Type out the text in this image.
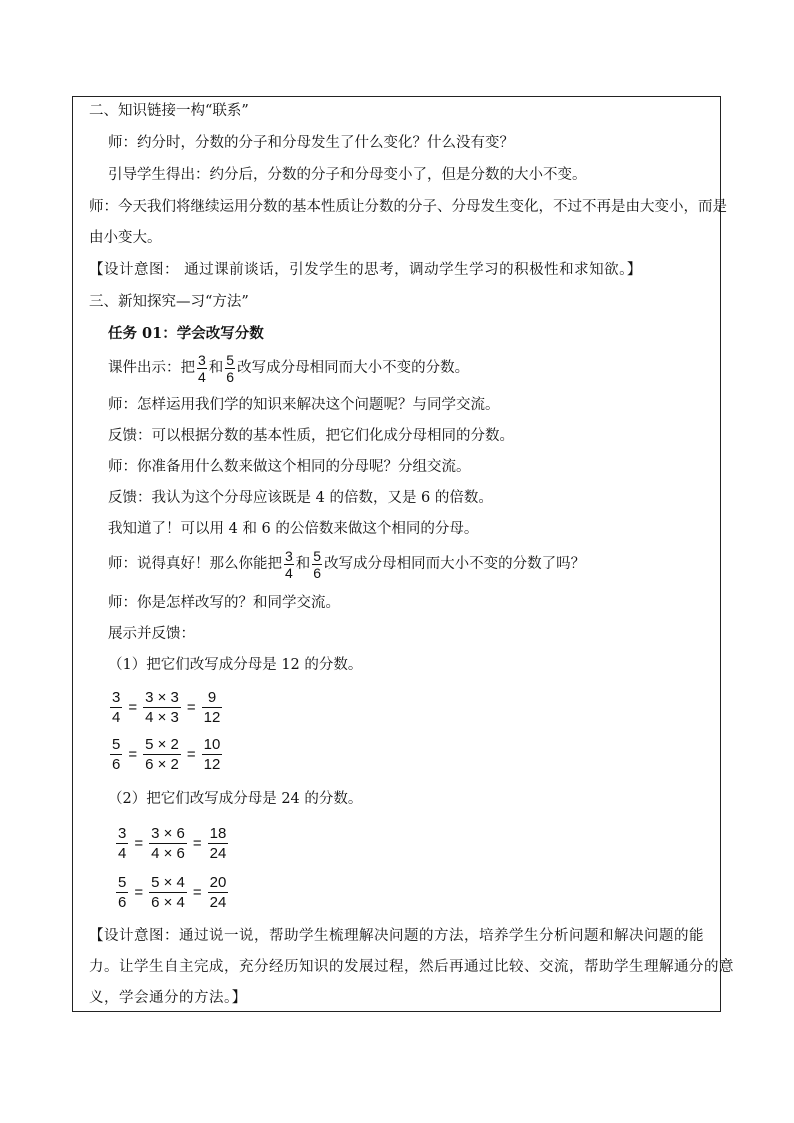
二、知识链接一构“联系”
师：约分时，分数的分子和分母发生了什么变化？什么没有变？
引导学生得出：约分后，分数的分子和分母变小了，但是分数的大小不变。
师：今天我们将继续运用分数的基本性质让分数的分子、分母发生变化，不过不再是由大变小，而是
由小变大。
【设计意图： 通过课前谈话，引发学生的思考，调动学生学习的积极性和求知欲。】
三、新知探究—习“方法”
任务 01：学会改写分数
课件出示：把 $\frac{3}{4}$ 和 $\frac{5}{6}$ 改写成分母相同而大小不变的分数。
师：怎样运用我们学的知识来解决这个问题呢？与同学交流。
反馈：可以根据分数的基本性质，把它们化成分母相同的分数。
师：你准备用什么数来做这个相同的分母呢？分组交流。
反馈：我认为这个分母应该既是 4 的倍数，又是 6 的倍数。
我知道了！可以用 4 和 6 的公倍数来做这个相同的分母。
师：说得真好！那么你能把 $\frac{3}{4}$ 和 $\frac{5}{6}$ 改写成分母相同而大小不变的分数了吗？
师：你是怎样改写的？和同学交流。
展示并反馈：
（1）把它们改写成分母是 12 的分数。
$\frac{3}{4} = \frac{3 \times 3}{4 \times 3} = \frac{9}{12}$
$\frac{5}{6} = \frac{5 \times 2}{6 \times 2} = \frac{10}{12}$
（2）把它们改写成分母是 24 的分数。
$\frac{3}{4} = \frac{3 \times 6}{4 \times 6} = \frac{18}{24}$
$\frac{5}{6} = \frac{5 \times 4}{6 \times 4} = \frac{20}{24}$
【设计意图：通过说一说，帮助学生梳理解决问题的方法，培养学生分析问题和解决问题的能
力。让学生自主完成，充分经历知识的发展过程，然后再通过比较、交流，帮助学生理解通分的意
义，学会通分的方法。】
